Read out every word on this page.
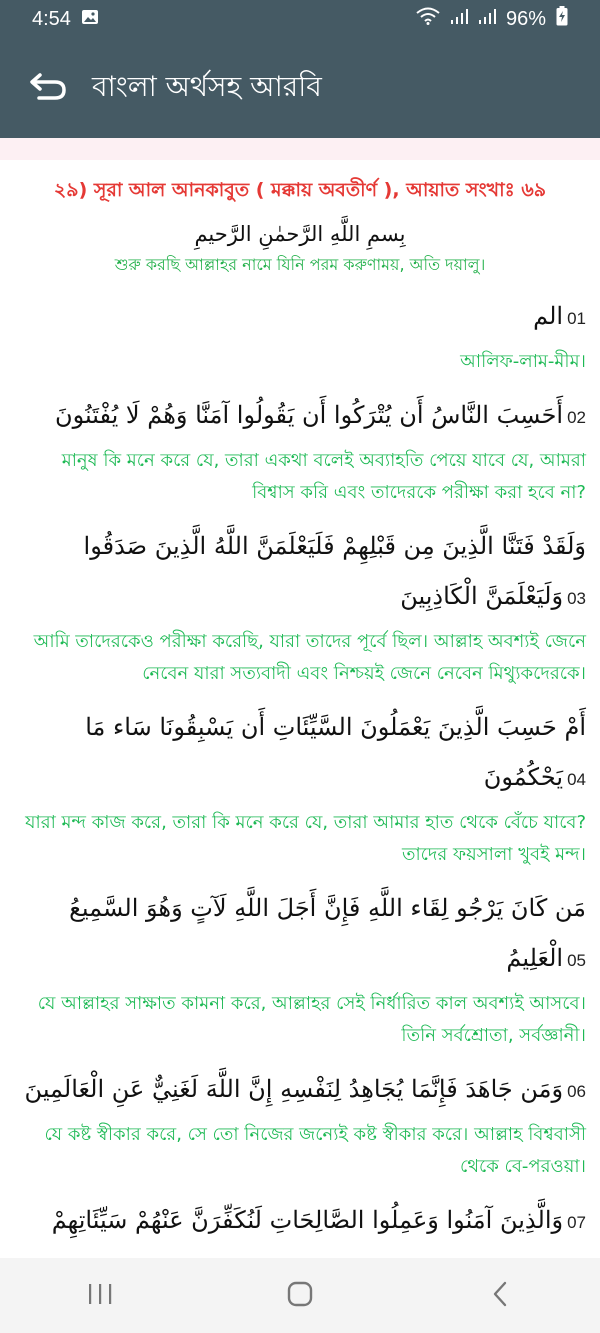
4:54	96%
বাংলা অর্থসহ আরবি
২৯) সূরা আল আনকাবুত ( মক্কায় অবতীর্ণ ), আয়াত সংখাঃ ৬৯
بِسمِ اللَّهِ الرَّحمٰنِ الرَّحيمِ
শুরু করছি আল্লাহর নামে যিনি পরম করুণাময়, অতি দয়ালু।
الم 01
আলিফ-লাম-মীম।
أَحَسِبَ النَّاسُ أَن يُتْرَكُوا أَن يَقُولُوا آمَنَّا وَهُمْ لَا يُفْتَنُونَ 02
মানুষ কি মনে করে যে, তারা একথা বলেই অব্যাহতি পেয়ে যাবে যে, আমরা বিশ্বাস করি এবং তাদেরকে পরীক্ষা করা হবে না?
وَلَقَدْ فَتَنَّا الَّذِينَ مِن قَبْلِهِمْ فَلَيَعْلَمَنَّ اللَّهُ الَّذِينَ صَدَقُوا وَلَيَعْلَمَنَّ الْكَاذِبِينَ 03
আমি তাদেরকেও পরীক্ষা করেছি, যারা তাদের পূর্বে ছিল। আল্লাহ অবশ্যই জেনে নেবেন যারা সত্যবাদী এবং নিশ্চয়ই জেনে নেবেন মিথ্যুকদেরকে।
أَمْ حَسِبَ الَّذِينَ يَعْمَلُونَ السَّيِّئَاتِ أَن يَسْبِقُونَا سَاء مَا يَحْكُمُونَ 04
যারা মন্দ কাজ করে, তারা কি মনে করে যে, তারা আমার হাত থেকে বেঁচে যাবে? তাদের ফয়সালা খুবই মন্দ।
مَن كَانَ يَرْجُو لِقَاء اللَّهِ فَإِنَّ أَجَلَ اللَّهِ لَآتٍ وَهُوَ السَّمِيعُ الْعَلِيمُ 05
যে আল্লাহর সাক্ষাত কামনা করে, আল্লাহর সেই নির্ধারিত কাল অবশ্যই আসবে। তিনি সর্বশ্রোতা, সর্বজ্ঞানী।
وَمَن جَاهَدَ فَإِنَّمَا يُجَاهِدُ لِنَفْسِهِ إِنَّ اللَّهَ لَغَنِيٌّ عَنِ الْعَالَمِينَ 06
যে কষ্ট স্বীকার করে, সে তো নিজের জন্যেই কষ্ট স্বীকার করে। আল্লাহ বিশ্ববাসী থেকে বে-পরওয়া।
وَالَّذِينَ آمَنُوا وَعَمِلُوا الصَّالِحَاتِ لَنُكَفِّرَنَّ عَنْهُمْ سَيِّئَاتِهِمْ 07
